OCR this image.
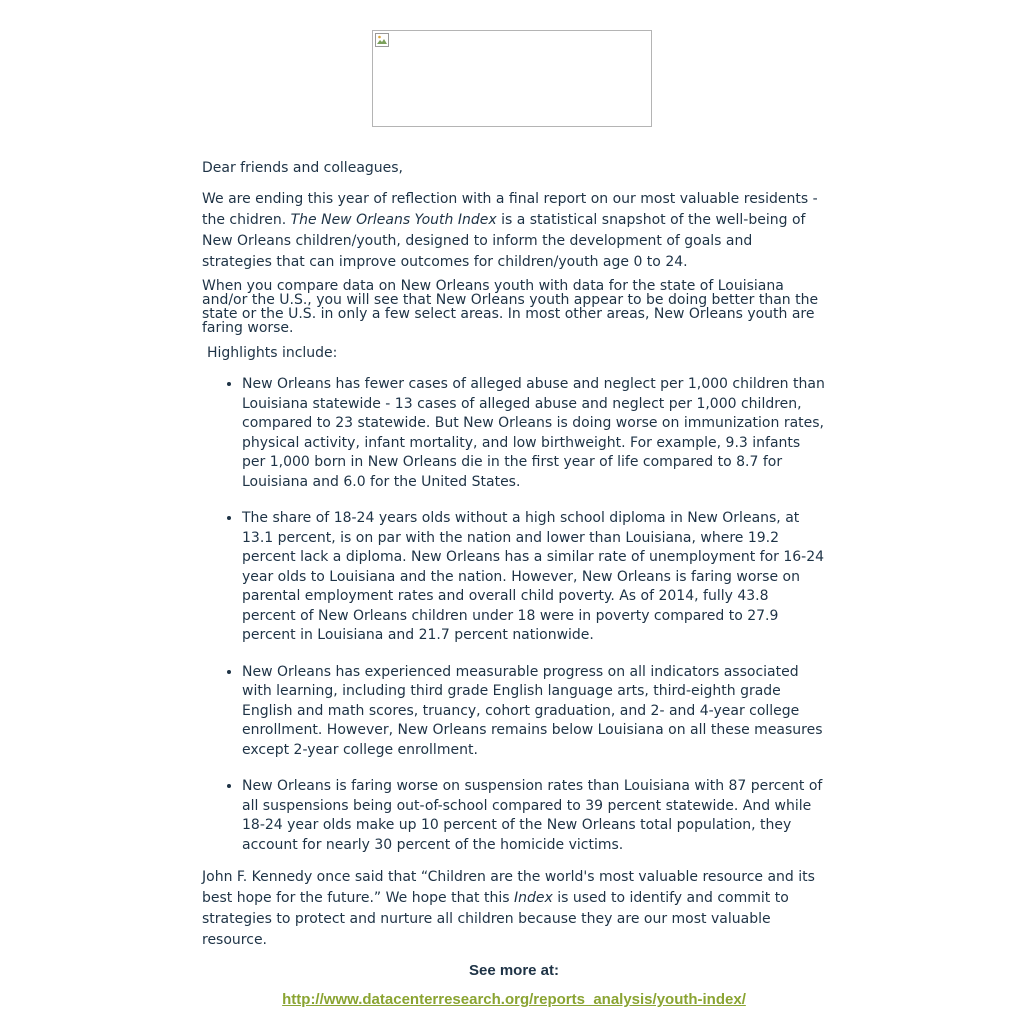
Dear friends and colleagues,

We are ending this year of reflection with a final report on our most valuable residents - the chidren. The New Orleans Youth Index is a statistical snapshot of the well-being of New Orleans children/youth, designed to inform the development of goals and strategies that can improve outcomes for children/youth age 0 to 24.

When you compare data on New Orleans youth with data for the state of Louisiana and/or the U.S., you will see that New Orleans youth appear to be doing better than the state or the U.S. in only a few select areas. In most other areas, New Orleans youth are faring worse.

Highlights include:

• New Orleans has fewer cases of alleged abuse and neglect per 1,000 children than Louisiana statewide - 13 cases of alleged abuse and neglect per 1,000 children, compared to 23 statewide. But New Orleans is doing worse on immunization rates, physical activity, infant mortality, and low birthweight. For example, 9.3 infants per 1,000 born in New Orleans die in the first year of life compared to 8.7 for Louisiana and 6.0 for the United States.
• The share of 18-24 years olds without a high school diploma in New Orleans, at 13.1 percent, is on par with the nation and lower than Louisiana, where 19.2 percent lack a diploma. New Orleans has a similar rate of unemployment for 16-24 year olds to Louisiana and the nation. However, New Orleans is faring worse on parental employment rates and overall child poverty. As of 2014, fully 43.8 percent of New Orleans children under 18 were in poverty compared to 27.9 percent in Louisiana and 21.7 percent nationwide.
• New Orleans has experienced measurable progress on all indicators associated with learning, including third grade English language arts, third-eighth grade English and math scores, truancy, cohort graduation, and 2- and 4-year college enrollment. However, New Orleans remains below Louisiana on all these measures except 2-year college enrollment.
• New Orleans is faring worse on suspension rates than Louisiana with 87 percent of all suspensions being out-of-school compared to 39 percent statewide. And while 18-24 year olds make up 10 percent of the New Orleans total population, they account for nearly 30 percent of the homicide victims.

John F. Kennedy once said that “Children are the world's most valuable resource and its best hope for the future.” We hope that this Index is used to identify and commit to strategies to protect and nurture all children because they are our most valuable resource.

See more at:

http://www.datacenterresearch.org/reports_analysis/youth-index/
